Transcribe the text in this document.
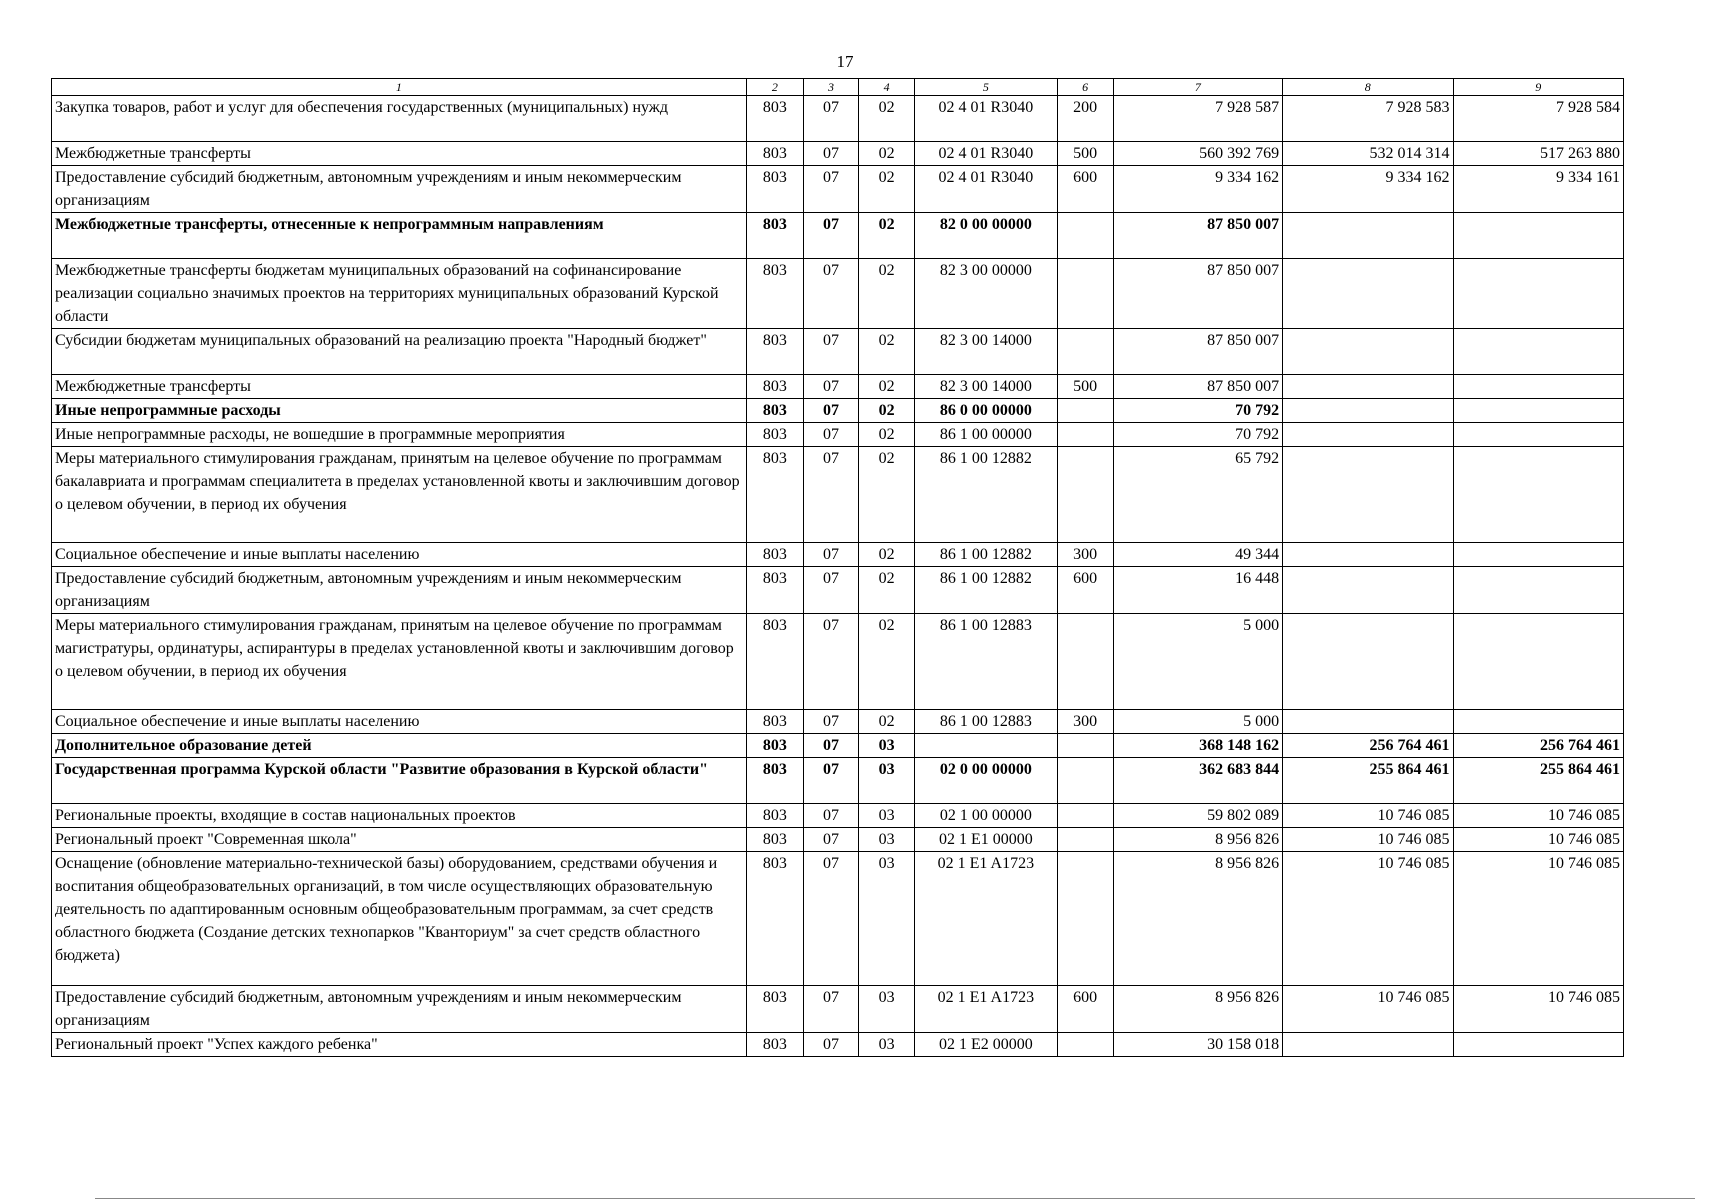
17
1	2	3	4	5	6	7	8	9
Закупка товаров, работ и услуг для обеспечения государственных (муниципальных) нужд	803	07	02	02 4 01 R3040	200	7 928 587	7 928 583	7 928 584
Межбюджетные трансферты	803	07	02	02 4 01 R3040	500	560 392 769	532 014 314	517 263 880
Предоставление субсидий бюджетным, автономным учреждениям и иным некоммерческим организациям	803	07	02	02 4 01 R3040	600	9 334 162	9 334 162	9 334 161
Межбюджетные трансферты, отнесенные к непрограммным направлениям	803	07	02	82 0 00 00000		87 850 007		
Межбюджетные трансферты бюджетам муниципальных образований на софинансирование реализации социально значимых проектов на территориях муниципальных образований Курской области	803	07	02	82 3 00 00000		87 850 007		
Субсидии бюджетам муниципальных образований на реализацию проекта "Народный бюджет"	803	07	02	82 3 00 14000		87 850 007		
Межбюджетные трансферты	803	07	02	82 3 00 14000	500	87 850 007		
Иные непрограммные расходы	803	07	02	86 0 00 00000		70 792		
Иные непрограммные расходы, не вошедшие в программные мероприятия	803	07	02	86 1 00 00000		70 792		
Меры материального стимулирования гражданам, принятым на целевое обучение по программам бакалавриата и программам специалитета в пределах установленной квоты и заключившим договор о целевом обучении, в период их обучения	803	07	02	86 1 00 12882		65 792		
Социальное обеспечение и иные выплаты населению	803	07	02	86 1 00 12882	300	49 344		
Предоставление субсидий бюджетным, автономным учреждениям и иным некоммерческим организациям	803	07	02	86 1 00 12882	600	16 448		
Меры материального стимулирования гражданам, принятым на целевое обучение по программам магистратуры, ординатуры, аспирантуры в пределах установленной квоты и заключившим договор о целевом обучении, в период их обучения	803	07	02	86 1 00 12883		5 000		
Социальное обеспечение и иные выплаты населению	803	07	02	86 1 00 12883	300	5 000		
Дополнительное образование детей	803	07	03			368 148 162	256 764 461	256 764 461
Государственная программа Курской области "Развитие образования в Курской области"	803	07	03	02 0 00 00000		362 683 844	255 864 461	255 864 461
Региональные проекты, входящие в состав национальных проектов	803	07	03	02 1 00 00000		59 802 089	10 746 085	10 746 085
Региональный проект "Современная школа"	803	07	03	02 1 E1 00000		8 956 826	10 746 085	10 746 085
Оснащение (обновление материально-технической базы) оборудованием, средствами обучения и воспитания общеобразовательных организаций, в том числе осуществляющих образовательную деятельность по адаптированным основным общеобразовательным программам, за счет средств областного бюджета (Создание детских технопарков "Кванториум" за счет средств областного бюджета)	803	07	03	02 1 E1 A1723		8 956 826	10 746 085	10 746 085
Предоставление субсидий бюджетным, автономным учреждениям и иным некоммерческим организациям	803	07	03	02 1 E1 A1723	600	8 956 826	10 746 085	10 746 085
Региональный проект "Успех каждого ребенка"	803	07	03	02 1 E2 00000		30 158 018		
